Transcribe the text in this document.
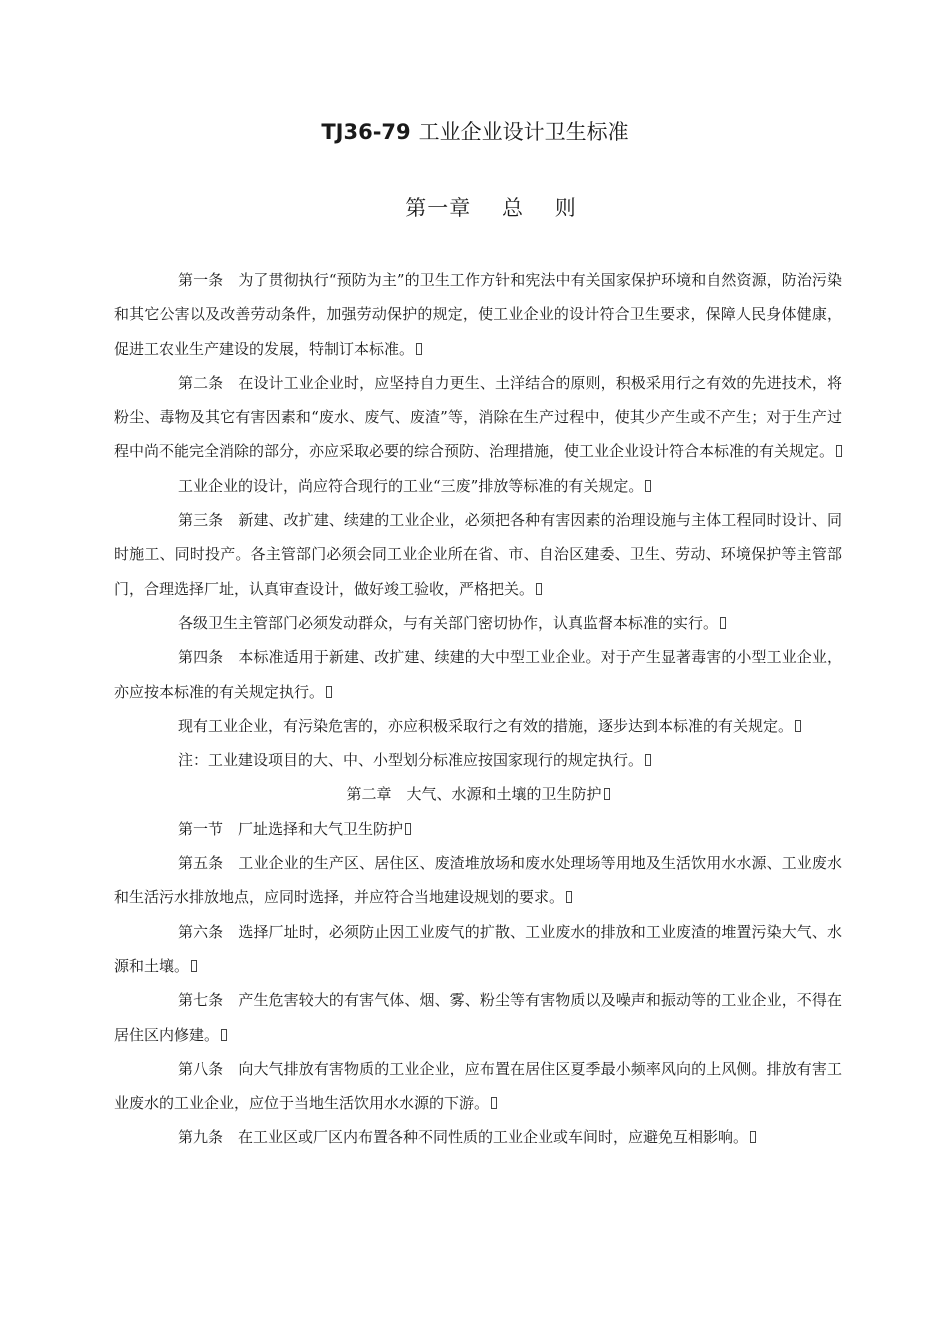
TJ36-79 工业企业设计卫生标准
第一章    总    则

第一条　为了贯彻执行“预防为主”的卫生工作方针和宪法中有关国家保护环境和自然资源，防治污染和其它公害以及改善劳动条件，加强劳动保护的规定，使工业企业的设计符合卫生要求，保障人民身体健康，促进工农业生产建设的发展，特制订本标准。

第二条　在设计工业企业时，应坚持自力更生、土洋结合的原则，积极采用行之有效的先进技术，将粉尘、毒物及其它有害因素和“废水、废气、废渣”等，消除在生产过程中，使其少产生或不产生；对于生产过程中尚不能完全消除的部分，亦应采取必要的综合预防、治理措施，使工业企业设计符合本标准的有关规定。

工业企业的设计，尚应符合现行的工业“三废”排放等标准的有关规定。

第三条　新建、改扩建、续建的工业企业，必须把各种有害因素的治理设施与主体工程同时设计、同时施工、同时投产。各主管部门必须会同工业企业所在省、市、自治区建委、卫生、劳动、环境保护等主管部门，合理选择厂址，认真审查设计，做好竣工验收，严格把关。

各级卫生主管部门必须发动群众，与有关部门密切协作，认真监督本标准的实行。

第四条　本标准适用于新建、改扩建、续建的大中型工业企业。对于产生显著毒害的小型工业企业，亦应按本标准的有关规定执行。

现有工业企业，有污染危害的，亦应积极采取行之有效的措施，逐步达到本标准的有关规定。

注：工业建设项目的大、中、小型划分标准应按国家现行的规定执行。

第二章　大气、水源和土壤的卫生防护

第一节　厂址选择和大气卫生防护

第五条　工业企业的生产区、居住区、废渣堆放场和废水处理场等用地及生活饮用水水源、工业废水和生活污水排放地点，应同时选择，并应符合当地建设规划的要求。

第六条　选择厂址时，必须防止因工业废气的扩散、工业废水的排放和工业废渣的堆置污染大气、水源和土壤。

第七条　产生危害较大的有害气体、烟、雾、粉尘等有害物质以及噪声和振动等的工业企业，不得在居住区内修建。

第八条　向大气排放有害物质的工业企业，应布置在居住区夏季最小频率风向的上风侧。排放有害工业废水的工业企业，应位于当地生活饮用水水源的下游。

第九条　在工业区或厂区内布置各种不同性质的工业企业或车间时，应避免互相影响。
